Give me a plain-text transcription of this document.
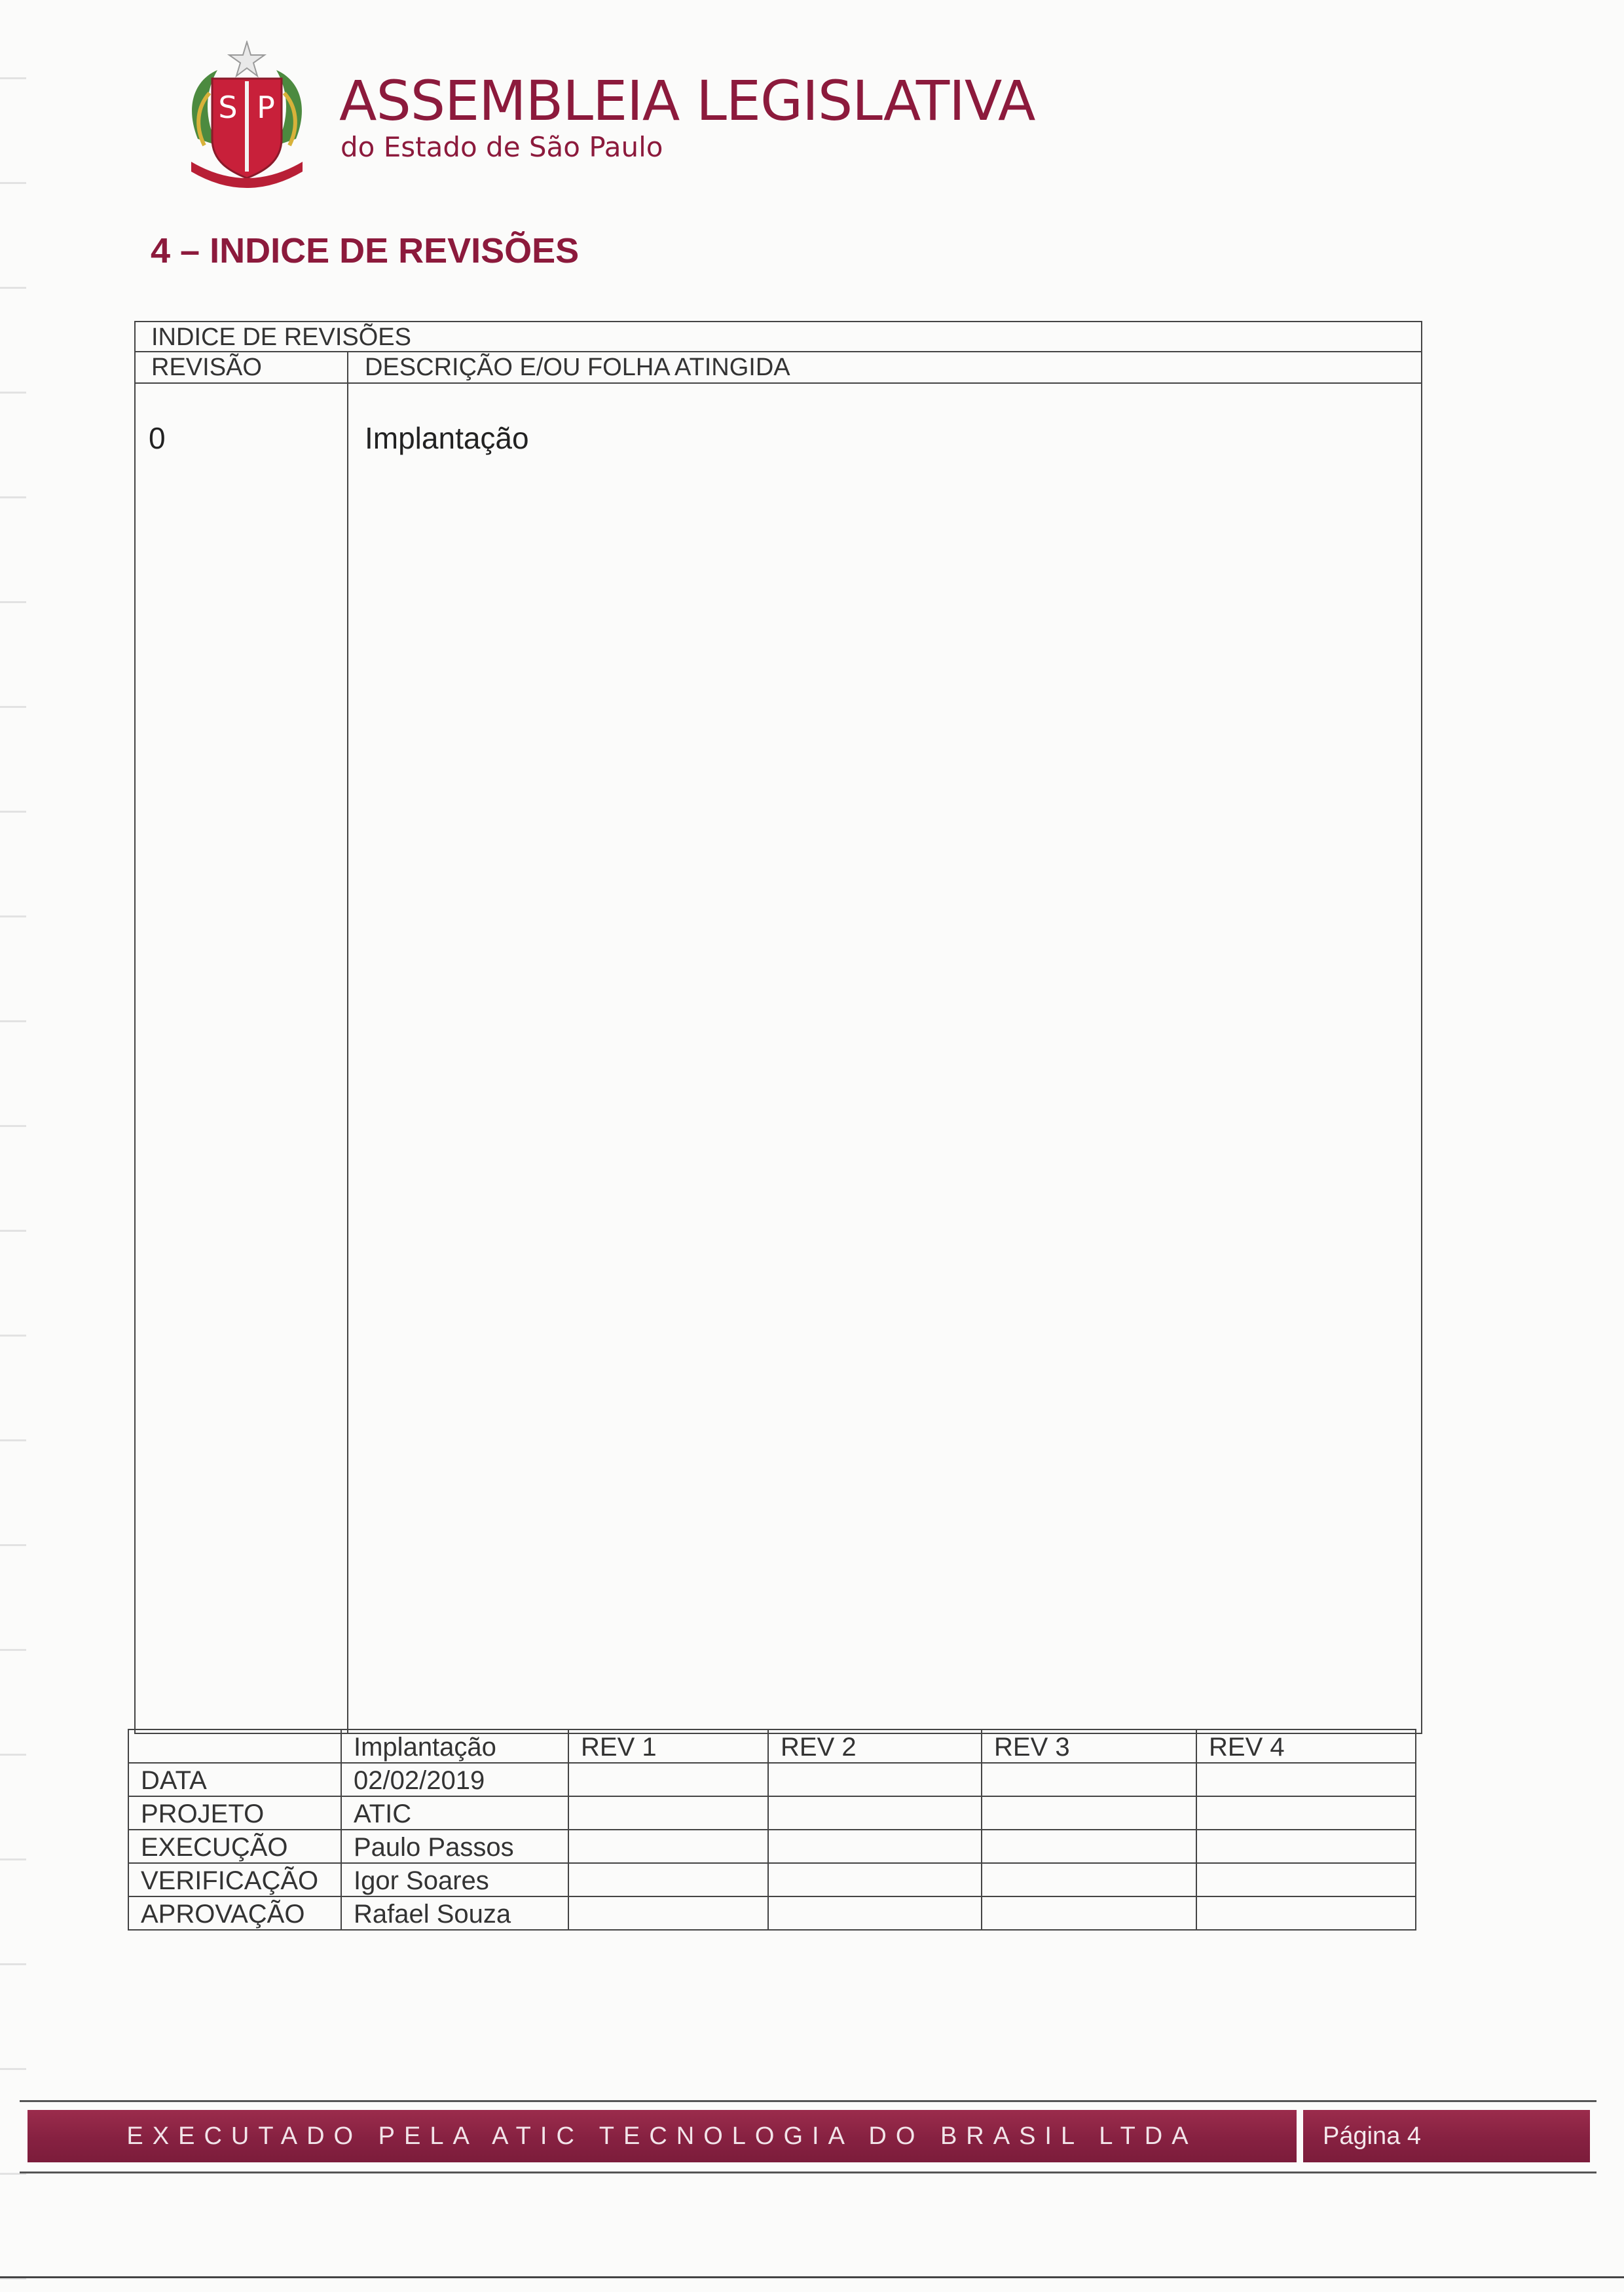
S P ASSEMBLEIA LEGISLATIVA

do Estado de São Paulo

4 – INDICE DE REVISÕES
INDICE DE REVISÕES
REVISÃO	DESCRIÇÃO E/OU FOLHA ATINGIDA
0	Implantação
	Implantação	REV 1	REV 2	REV 3	REV 4
DATA	02/02/2019				
PROJETO	ATIC				
EXECUÇÃO	Paulo Passos				
VERIFICAÇÃO	Igor Soares				
APROVAÇÃO	Rafael Souza				
EXECUTADO PELA ATIC TECNOLOGIA DO BRASIL LTDA	Página 4
